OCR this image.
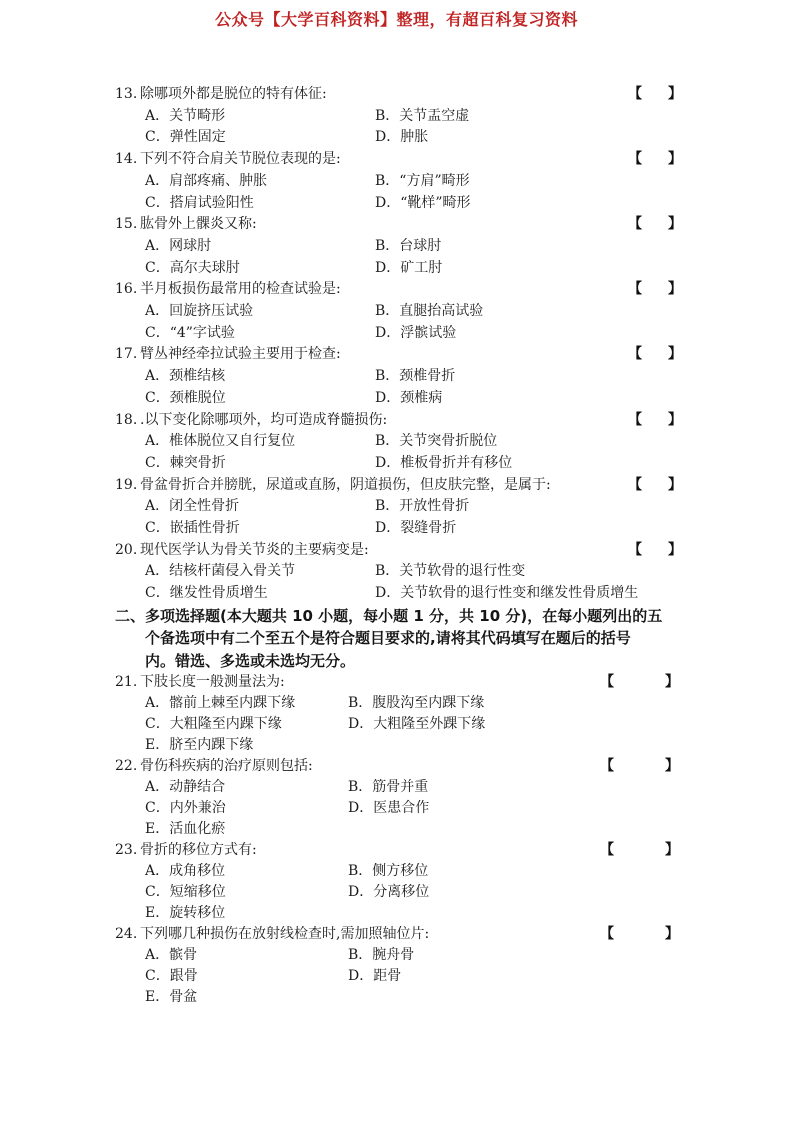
公众号【大学百科资料】整理，有超百科复习资料
13. 除哪项外都是脱位的特有体征:	【 】
A．关节畸形	B．关节盂空虚
C．弹性固定	D．肿胀
14. 下列不符合肩关节脱位表现的是:	【 】
A．肩部疼痛、肿胀	B．“方肩”畸形
C．搭肩试验阳性	D．“靴样”畸形
15. 肱骨外上髁炎又称:	【 】
A．网球肘	B．台球肘
C．高尔夫球肘	D．矿工肘
16. 半月板损伤最常用的检查试验是:	【 】
A．回旋挤压试验	B．直腿抬高试验
C．“4”字试验	D．浮髌试验
17. 臂丛神经牵拉试验主要用于检查:	【 】
A．颈椎结核	B．颈椎骨折
C．颈椎脱位	D．颈椎病
18. .以下变化除哪项外，均可造成脊髓损伤:	【 】
A．椎体脱位又自行复位	B．关节突骨折脱位
C．棘突骨折	D．椎板骨折并有移位
19. 骨盆骨折合并膀胱，尿道或直肠，阴道损伤，但皮肤完整，是属于:	【 】
A．闭全性骨折	B．开放性骨折
C．嵌插性骨折	D．裂缝骨折
20. 现代医学认为骨关节炎的主要病变是:	【 】
A．结核杆菌侵入骨关节	B．关节软骨的退行性变
C．继发性骨质增生	D．关节软骨的退行性变和继发性骨质增生
二、多项选择题(本大题共 10 小题，每小题 1 分，共 10 分)，在每小题列出的五
个备选项中有二个至五个是符合题目要求的,请将其代码填写在题后的括号
内。错选、多选或未选均无分。
21. 下肢长度一般测量法为:	【	】
A．髂前上棘至内踝下缘	B．腹股沟至内踝下缘
C．大粗隆至内踝下缘	D．大粗隆至外踝下缘
E．脐至内踝下缘
22. 骨伤科疾病的治疗原则包括:	【	】
A．动静结合	B．筋骨并重
C．内外兼治	D．医患合作
E．活血化瘀
23. 骨折的移位方式有:	【	】
A．成角移位	B．侧方移位
C．短缩移位	D．分离移位
E．旋转移位
24. 下列哪几种损伤在放射线检查时,需加照轴位片:	【	】
A．髌骨	B．腕舟骨
C．跟骨	D．距骨
E．骨盆
